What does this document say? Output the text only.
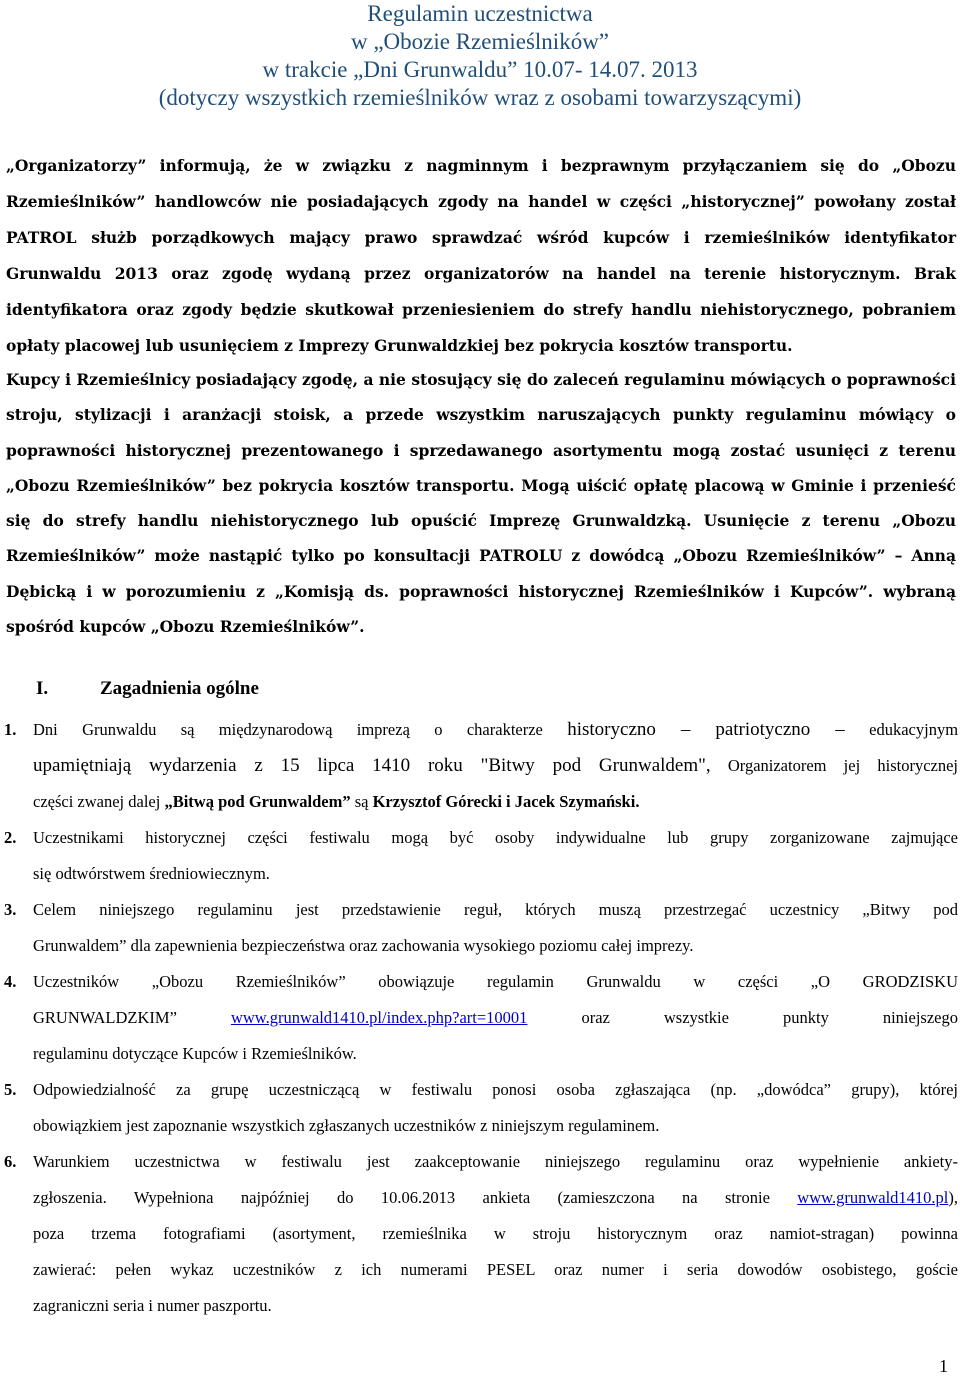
Regulamin uczestnictwa
w „Obozie Rzemieślników”
w trakcie „Dni Grunwaldu” 10.07- 14.07. 2013
(dotyczy wszystkich rzemieślników wraz z osobami towarzyszącymi)
„Organizatorzy” informują, że w związku z nagminnym i bezprawnym przyłączaniem się do „Obozu
Rzemieślników” handlowców nie posiadających zgody na handel w części „historycznej” powołany został
PATROL służb porządkowych mający prawo sprawdzać wśród kupców i rzemieślników identyfikator
Grunwaldu 2013 oraz zgodę wydaną przez organizatorów na handel na terenie historycznym. Brak
identyfikatora oraz zgody będzie skutkował przeniesieniem do strefy handlu niehistorycznego, pobraniem
opłaty placowej lub usunięciem z Imprezy Grunwaldzkiej bez pokrycia kosztów transportu.
Kupcy i Rzemieślnicy posiadający zgodę, a nie stosujący się do zaleceń regulaminu mówiących o poprawności
stroju, stylizacji i aranżacji stoisk, a przede wszystkim naruszających punkty regulaminu mówiący o
poprawności historycznej prezentowanego i sprzedawanego asortymentu mogą zostać usunięci z terenu
„Obozu Rzemieślników” bez pokrycia kosztów transportu. Mogą uiścić opłatę placową w Gminie i przenieść
się do strefy handlu niehistorycznego lub opuścić Imprezę Grunwaldzką. Usunięcie z terenu „Obozu
Rzemieślników” może nastąpić tylko po konsultacji PATROLU z dowódcą „Obozu Rzemieślników” – Anną
Dębicką i w porozumieniu z „Komisją ds. poprawności historycznej Rzemieślników i Kupców”. wybraną
spośród kupców „Obozu Rzemieślników”.
I.	Zagadnienia ogólne
1. Dni Grunwaldu są międzynarodową imprezą o charakterze historyczno – patriotyczno – edukacyjnym
upamiętniają wydarzenia z 15 lipca 1410 roku "Bitwy pod Grunwaldem", Organizatorem jej historycznej
części zwanej dalej „Bitwą pod Grunwaldem” są Krzysztof Górecki i Jacek Szymański.
2. Uczestnikami historycznej części festiwalu mogą być osoby indywidualne lub grupy zorganizowane zajmujące
się odtwórstwem średniowiecznym.
3. Celem niniejszego regulaminu jest przedstawienie reguł, których muszą przestrzegać uczestnicy „Bitwy pod
Grunwaldem” dla zapewnienia bezpieczeństwa oraz zachowania wysokiego poziomu całej imprezy.
4. Uczestników „Obozu Rzemieślników” obowiązuje regulamin Grunwaldu w części „O GRODZISKU
GRUNWALDZKIM”	www.grunwald1410.pl/index.php?art=10001	oraz wszystkie punkty niniejszego
regulaminu dotyczące Kupców i Rzemieślników.
5. Odpowiedzialność za grupę uczestniczącą w festiwalu ponosi osoba zgłaszająca (np. „dowódca” grupy), której
obowiązkiem jest zapoznanie wszystkich zgłaszanych uczestników z niniejszym regulaminem.
6. Warunkiem uczestnictwa w festiwalu jest zaakceptowanie niniejszego regulaminu oraz wypełnienie ankiety-
zgłoszenia. Wypełniona najpóźniej do 10.06.2013 ankieta (zamieszczona na stronie www.grunwald1410.pl),
poza trzema fotografiami (asortyment, rzemieślnika w stroju historycznym oraz namiot-stragan) powinna
zawierać: pełen wykaz uczestników z ich numerami PESEL oraz numer i seria dowodów osobistego, goście
zagraniczni seria i numer paszportu.
1
